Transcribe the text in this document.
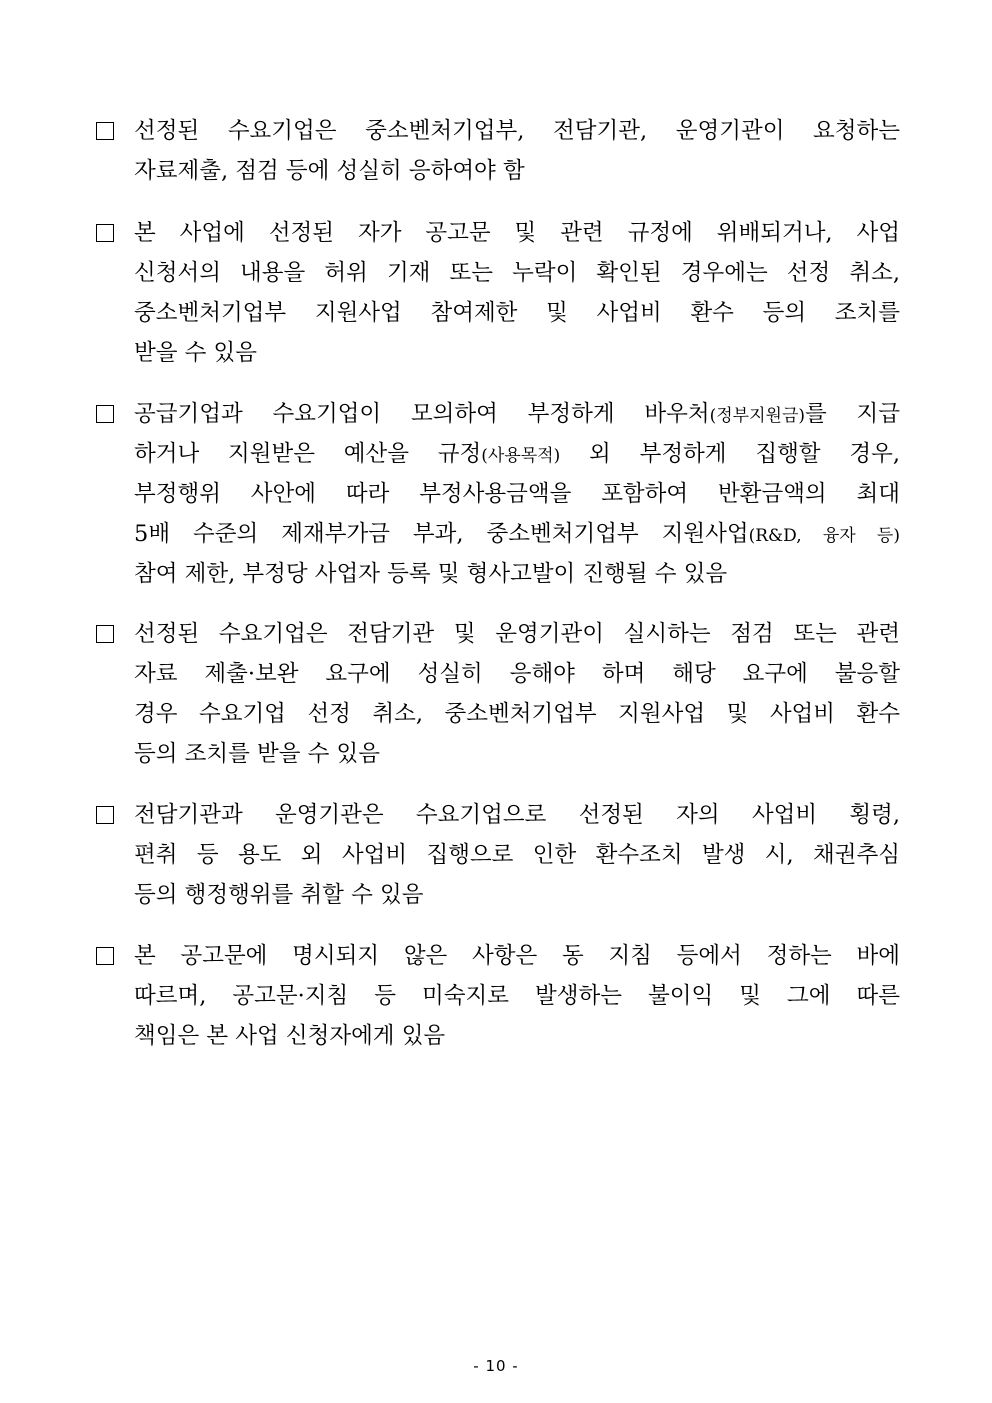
선정된 수요기업은 중소벤처기업부, 전담기관, 운영기관이 요청하는
자료제출, 점검 등에 성실히 응하여야 함
본 사업에 선정된 자가 공고문 및 관련 규정에 위배되거나, 사업
신청서의 내용을 허위 기재 또는 누락이 확인된 경우에는 선정 취소,
중소벤처기업부 지원사업 참여제한 및 사업비 환수 등의 조치를
받을 수 있음
공급기업과 수요기업이 모의하여 부정하게 바우처(정부지원금)를 지급
하거나 지원받은 예산을 규정(사용목적) 외 부정하게 집행할 경우,
부정행위 사안에 따라 부정사용금액을 포함하여 반환금액의 최대
5배 수준의 제재부가금 부과, 중소벤처기업부 지원사업(R&D, 융자 등)
참여 제한, 부정당 사업자 등록 및 형사고발이 진행될 수 있음
선정된 수요기업은 전담기관 및 운영기관이 실시하는 점검 또는 관련
자료 제출·보완 요구에 성실히 응해야 하며 해당 요구에 불응할
경우 수요기업 선정 취소, 중소벤처기업부 지원사업 및 사업비 환수
등의 조치를 받을 수 있음
전담기관과 운영기관은 수요기업으로 선정된 자의 사업비 횡령,
편취 등 용도 외 사업비 집행으로 인한 환수조치 발생 시, 채권추심
등의 행정행위를 취할 수 있음
본 공고문에 명시되지 않은 사항은 동 지침 등에서 정하는 바에
따르며, 공고문·지침 등 미숙지로 발생하는 불이익 및 그에 따른
책임은 본 사업 신청자에게 있음
- 10 -
